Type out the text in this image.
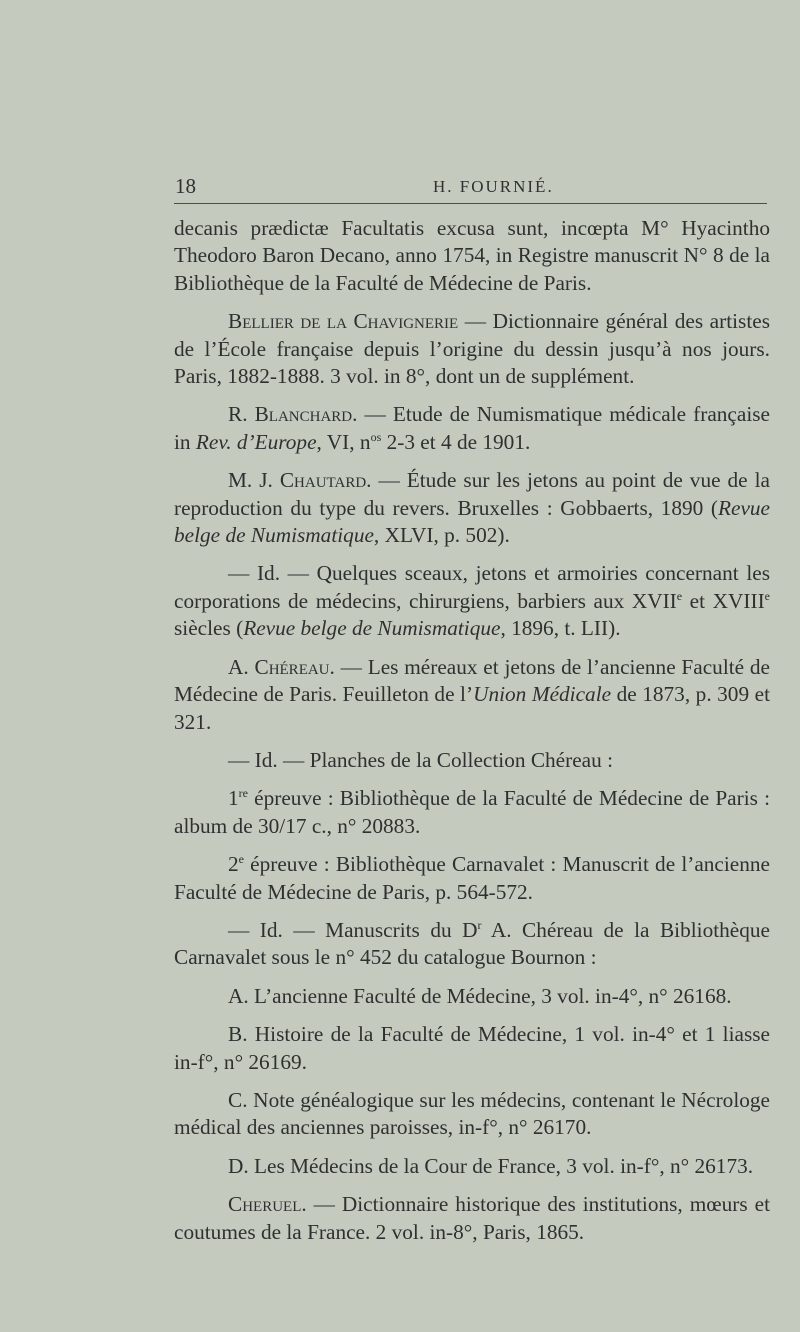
18	H. FOURNIÉ.

decanis prædictæ Facultatis excusa sunt, incœpta M° Hyacintho Theodoro Baron Decano, anno 1754, in Registre manuscrit N° 8 de la Bibliothèque de la Faculté de Médecine de Paris.

Bellier de la Chavignerie — Dictionnaire général des artistes de l’École française depuis l’origine du dessin jusqu’à nos jours. Paris, 1882-1888. 3 vol. in 8°, dont un de supplément.

R. Blanchard. — Etude de Numismatique médicale française in Rev. d’Europe, VI, $n^{os}$ 2-3 et 4 de 1901.

M. J. Chautard. — Étude sur les jetons au point de vue de la reproduction du type du revers. Bruxelles : Gobbaerts, 1890 (Revue belge de Numismatique, XLVI, p. 502).

— Id. — Quelques sceaux, jetons et armoiries concernant les corporations de médecins, chirurgiens, barbiers aux XVIIe et XVIIIe siècles (Revue belge de Numismatique, 1896, t. LII).

A. Chéreau. — Les méreaux et jetons de l’ancienne Faculté de Médecine de Paris. Feuilleton de l’Union Médicale de 1873, p. 309 et 321.

— Id. — Planches de la Collection Chéreau :

1re épreuve : Bibliothèque de la Faculté de Médecine de Paris : album de 30/17 c., n° 20883.

2e épreuve : Bibliothèque Carnavalet : Manuscrit de l’ancienne Faculté de Médecine de Paris, p. 564-572.

— Id. — Manuscrits du $D^r$ A. Chéreau de la Bibliothèque Carnavalet sous le n° 452 du catalogue Bournon :

A. L’ancienne Faculté de Médecine, 3 vol. in-4°, n° 26168.

B. Histoire de la Faculté de Médecine, 1 vol. in-4° et 1 liasse in-f°, n° 26169.

C. Note généalogique sur les médecins, contenant le Nécrologe médical des anciennes paroisses, in-f°, n° 26170.

D. Les Médecins de la Cour de France, 3 vol. in-f°, n° 26173.

Cheruel. — Dictionnaire historique des institutions, mœurs et coutumes de la France. 2 vol. in-8°, Paris, 1865.
